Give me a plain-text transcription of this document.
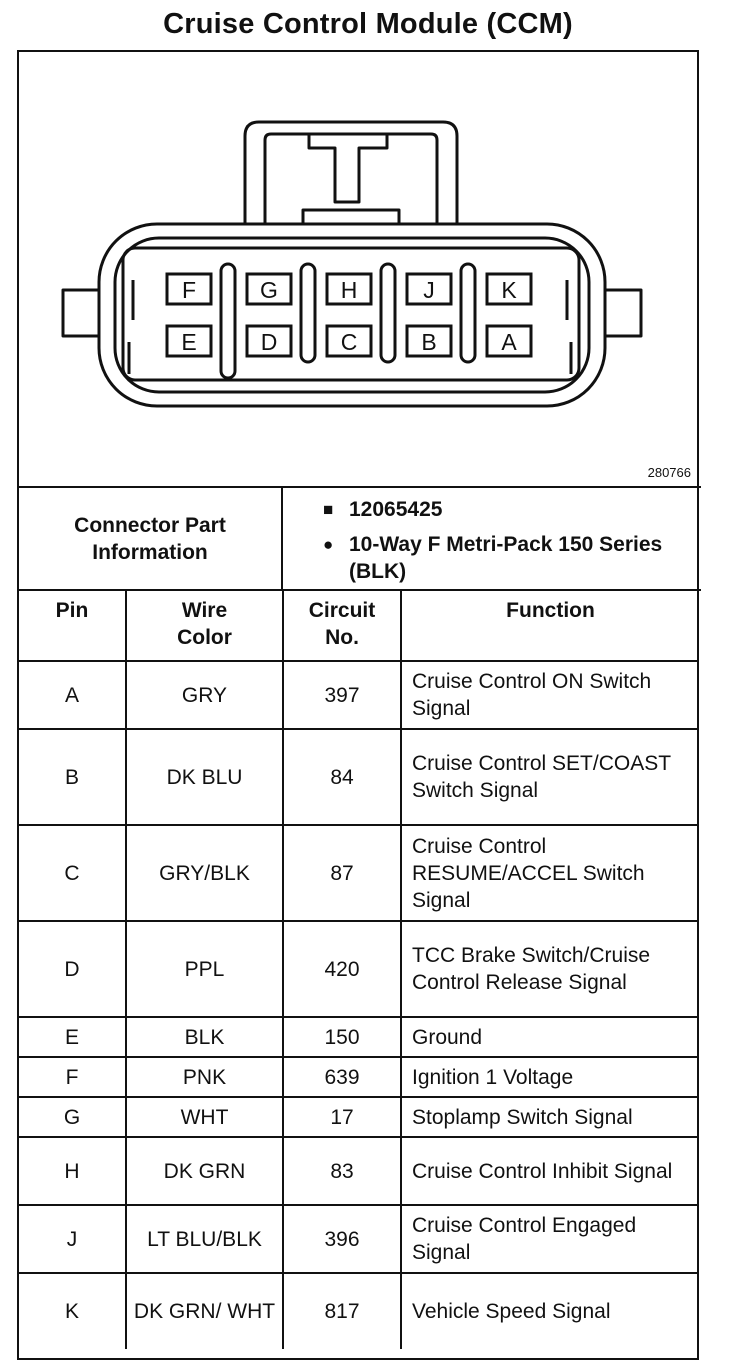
Cruise Control Module (CCM)
F	G	H	J	K
E	D	C	B	A
280766
Connector Part Information
■ 12065425
● 10-Way F Metri-Pack 150 Series (BLK)
Pin	Wire Color	Circuit No.	Function
A	GRY	397	Cruise Control ON Switch Signal
B	DK BLU	84	Cruise Control SET/COAST Switch Signal
C	GRY/BLK	87	Cruise Control RESUME/ACCEL Switch Signal
D	PPL	420	TCC Brake Switch/Cruise Control Release Signal
E	BLK	150	Ground
F	PNK	639	Ignition 1 Voltage
G	WHT	17	Stoplamp Switch Signal
H	DK GRN	83	Cruise Control Inhibit Signal
J	LT BLU/BLK	396	Cruise Control Engaged Signal
K	DK GRN/ WHT	817	Vehicle Speed Signal
